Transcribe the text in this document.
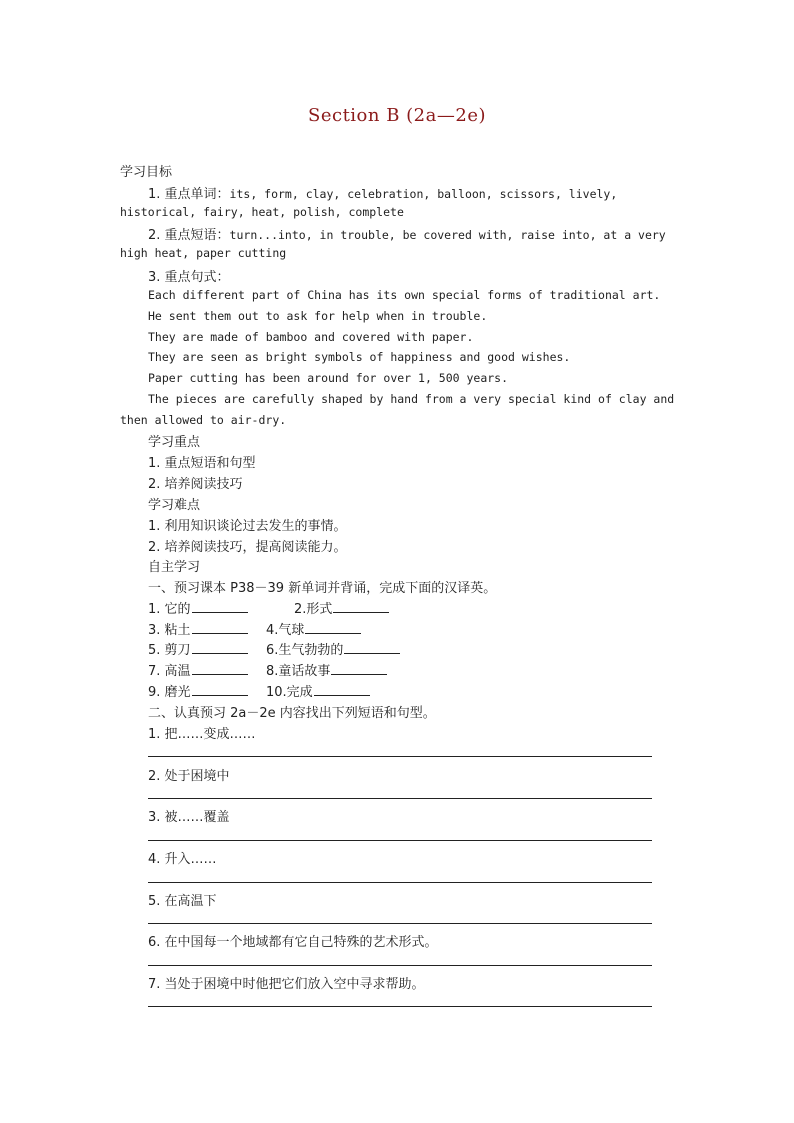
Section B (2a—2e)
学习目标
1. 重点单词：its, form, clay, celebration, balloon, scissors, lively,
historical, fairy, heat, polish, complete
2. 重点短语：turn...into, in trouble, be covered with, raise into, at a very
high heat, paper cutting
3. 重点句式：
Each different part of China has its own special forms of traditional art.
He sent them out to ask for help when in trouble.
They are made of bamboo and covered with paper.
They are seen as bright symbols of happiness and good wishes.
Paper cutting has been around for over 1, 500 years.
The pieces are carefully shaped by hand from a very special kind of clay and
then allowed to air-dry.
学习重点
1. 重点短语和句型
2. 培养阅读技巧
学习难点
1. 利用知识谈论过去发生的事情。
2. 培养阅读技巧，提高阅读能力。
自主学习
一、预习课本 P38－39 新单词并背诵，完成下面的汉译英。
1. 它的	2.形式
3. 粘土	4.气球
5. 剪刀	6.生气勃勃的
7. 高温	8.童话故事
9. 磨光	10.完成
二、认真预习 2a－2e 内容找出下列短语和句型。
1. 把……变成……
2. 处于困境中
3. 被……覆盖
4. 升入……
5. 在高温下
6. 在中国每一个地域都有它自己特殊的艺术形式。
7. 当处于困境中时他把它们放入空中寻求帮助。
